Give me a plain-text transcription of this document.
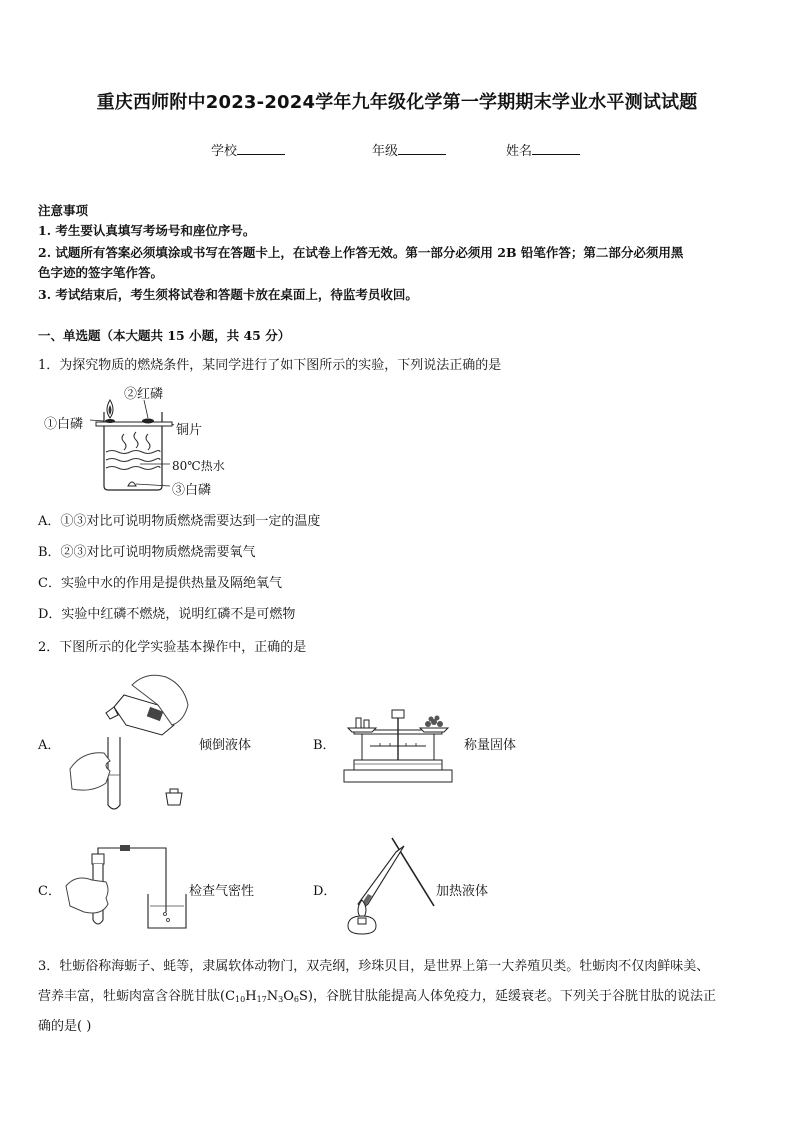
重庆西师附中2023-2024学年九年级化学第一学期期末学业水平测试试题
学校	年级	姓名
注意事项
1. 考生要认真填写考场号和座位序号。
2. 试题所有答案必须填涂或书写在答题卡上，在试卷上作答无效。第一部分必须用 2B 铅笔作答；第二部分必须用黑
色字迹的签字笔作答。
3. 考试结束后，考生须将试卷和答题卡放在桌面上，待监考员收回。
一、单选题（本大题共 15 小题，共 45 分）
1．为探究物质的燃烧条件，某同学进行了如下图所示的实验，下列说法正确的是
②红磷
①白磷	铜片
80℃热水
③白磷
A．①③对比可说明物质燃烧需要达到一定的温度
B．②③对比可说明物质燃烧需要氧气
C．实验中水的作用是提供热量及隔绝氧气
D．实验中红磷不燃烧，说明红磷不是可燃物
2．下图所示的化学实验基本操作中，正确的是
A．	倾倒液体	B．	称量固体
C．	检查气密性	D．	加热液体
3．牡蛎俗称海蛎子、蚝等，隶属软体动物门，双壳纲，珍珠贝目，是世界上第一大养殖贝类。牡蛎肉不仅肉鲜味美、
营养丰富，牡蛎肉富含谷胱甘肽$(C_{10}H_{17}N_3O_6S)$，谷胱甘肽能提高人体免疫力，延缓衰老。下列关于谷胱甘肽的说法正
确的是( )
